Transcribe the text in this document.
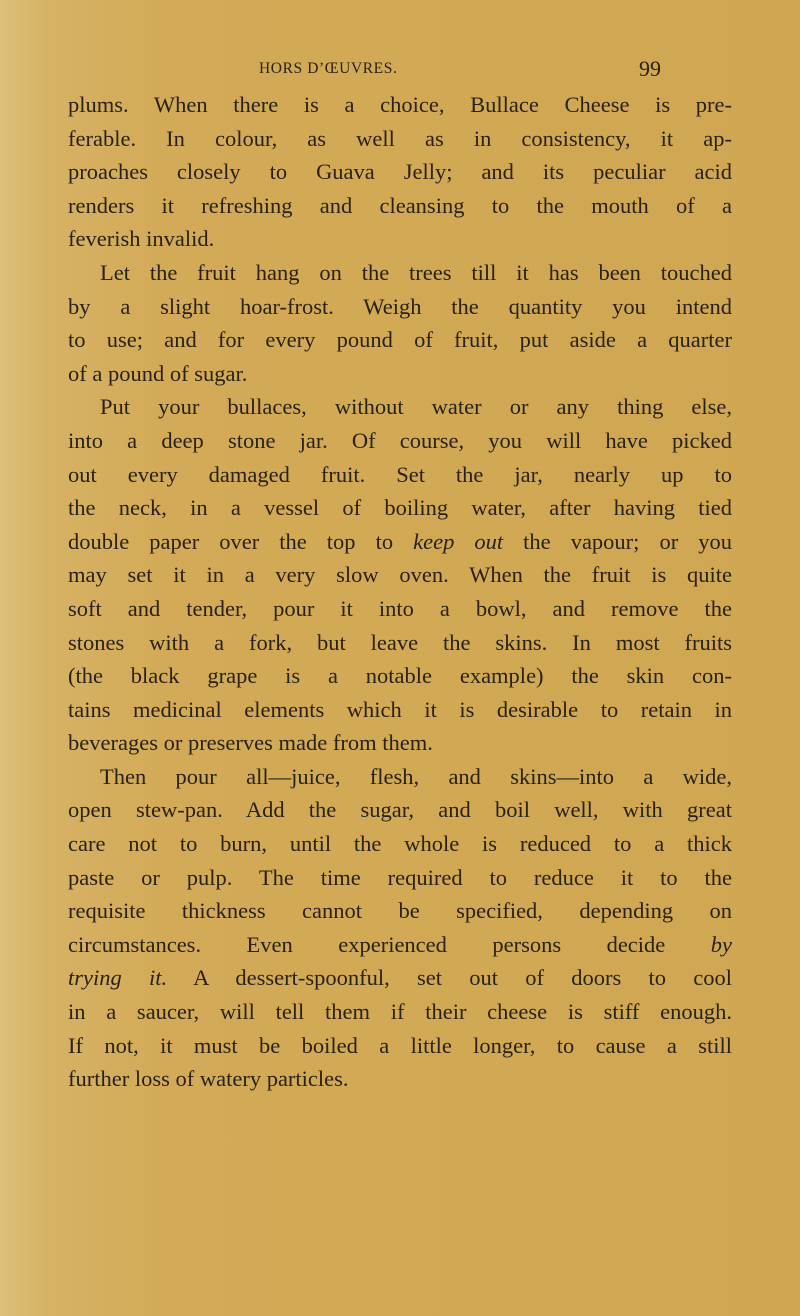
HORS D’ŒUVRES.	99
plums. When there is a choice, Bullace Cheese is pre-
ferable. In colour, as well as in consistency, it ap-
proaches closely to Guava Jelly; and its peculiar acid
renders it refreshing and cleansing to the mouth of a
feverish invalid.
Let the fruit hang on the trees till it has been touched
by a slight hoar-frost. Weigh the quantity you intend
to use; and for every pound of fruit, put aside a quarter
of a pound of sugar.
Put your bullaces, without water or any thing else,
into a deep stone jar. Of course, you will have picked
out every damaged fruit. Set the jar, nearly up to
the neck, in a vessel of boiling water, after having tied
double paper over the top to keep out the vapour; or you
may set it in a very slow oven. When the fruit is quite
soft and tender, pour it into a bowl, and remove the
stones with a fork, but leave the skins. In most fruits
(the black grape is a notable example) the skin con-
tains medicinal elements which it is desirable to retain in
beverages or preserves made from them.
Then pour all—juice, flesh, and skins—into a wide,
open stew-pan. Add the sugar, and boil well, with great
care not to burn, until the whole is reduced to a thick
paste or pulp. The time required to reduce it to the
requisite thickness cannot be specified, depending on
circumstances. Even experienced persons decide by
trying it. A dessert-spoonful, set out of doors to cool
in a saucer, will tell them if their cheese is stiff enough.
If not, it must be boiled a little longer, to cause a still
further loss of watery particles.
